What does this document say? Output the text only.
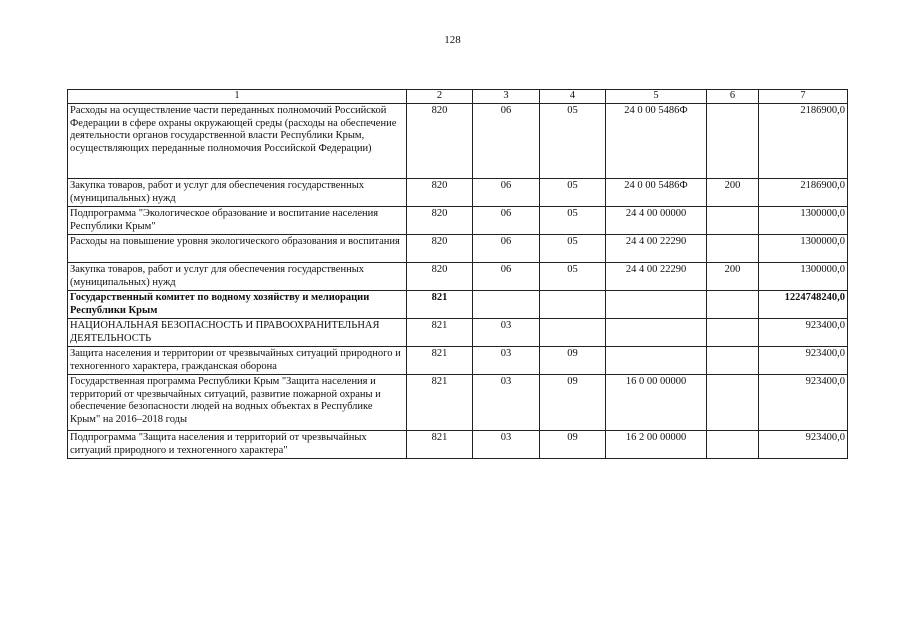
128
1	2	3	4	5	6	7
Расходы на осуществление части переданных полномочий Российской Федерации в сфере охраны окружающей среды (расходы на обеспечение деятельности органов государственной власти Республики Крым, осуществляющих переданные полномочия Российской Федерации)	820	06	05	24 0 00 5486Ф		2186900,0
Закупка товаров, работ и услуг для обеспечения государственных (муниципальных) нужд	820	06	05	24 0 00 5486Ф	200	2186900,0
Подпрограмма "Экологическое образование и воспитание населения Республики Крым"	820	06	05	24 4 00 00000		1300000,0
Расходы на повышение уровня экологического образования и воспитания	820	06	05	24 4 00 22290		1300000,0
Закупка товаров, работ и услуг для обеспечения государственных (муниципальных) нужд	820	06	05	24 4 00 22290	200	1300000,0
Государственный комитет по водному хозяйству и мелиорации Республики Крым	821					1224748240,0
НАЦИОНАЛЬНАЯ БЕЗОПАСНОСТЬ И ПРАВООХРАНИТЕЛЬНАЯ ДЕЯТЕЛЬНОСТЬ	821	03				923400,0
Защита населения и территории от чрезвычайных ситуаций природного и техногенного характера, гражданская оборона	821	03	09			923400,0
Государственная программа Республики Крым "Защита населения и территорий от чрезвычайных ситуаций, развитие пожарной охраны и обеспечение безопасности людей на водных объектах в Республике Крым" на 2016–2018 годы	821	03	09	16 0 00 00000		923400,0
Подпрограмма "Защита населения и территорий от чрезвычайных ситуаций природного и техногенного характера"	821	03	09	16 2 00 00000		923400,0
